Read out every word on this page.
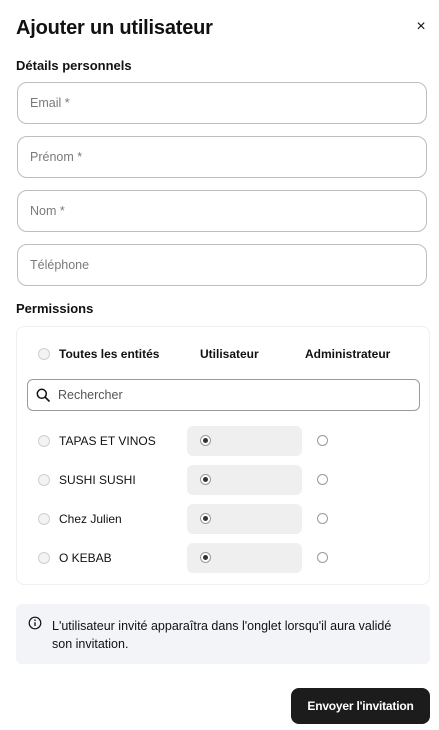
Ajouter un utilisateur	×
Détails personnels
Email *
Prénom *
Nom *
Téléphone
Permissions
Toutes les entités	Utilisateur	Administrateur
Rechercher
TAPAS ET VINOS
SUSHI SUSHI
Chez Julien
O KEBAB
L'utilisateur invité apparaîtra dans l'onglet lorsqu'il aura validé son invitation.
Envoyer l'invitation
